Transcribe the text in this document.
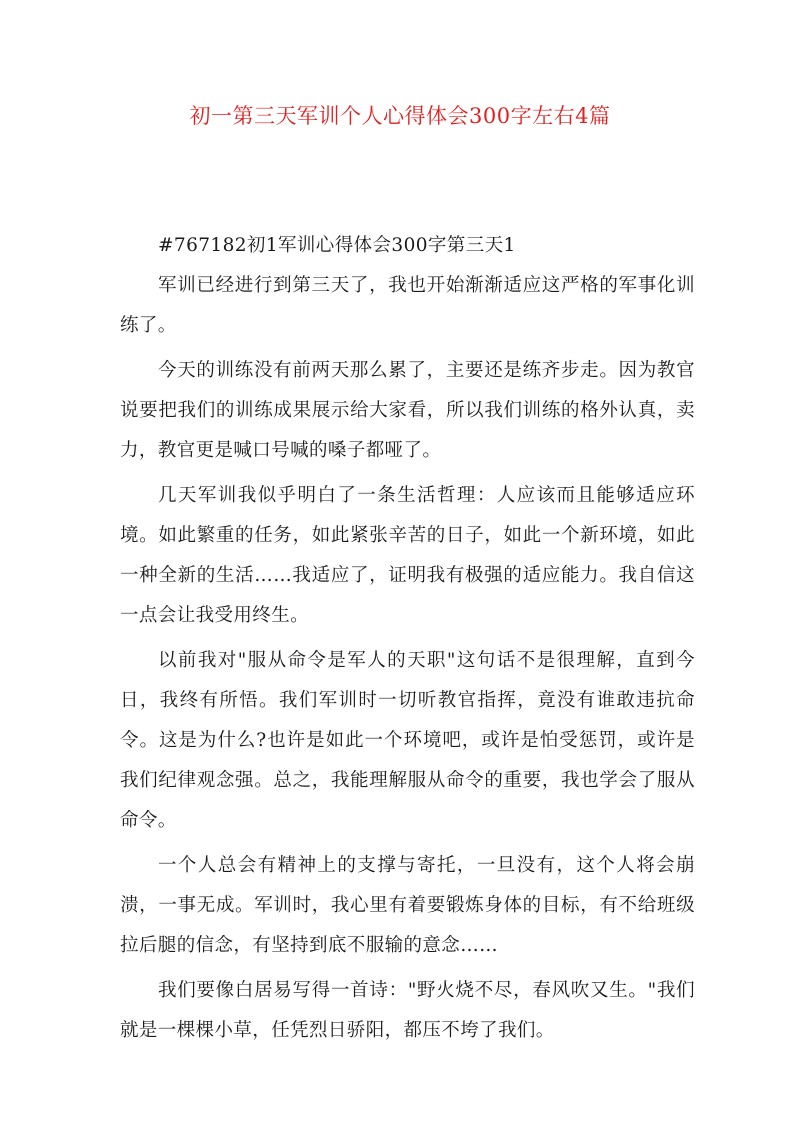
初一第三天军训个人心得体会300字左右4篇

#767182初1军训心得体会300字第三天1

军训已经进行到第三天了，我也开始渐渐适应这严格的军事化训练了。

今天的训练没有前两天那么累了，主要还是练齐步走。因为教官说要把我们的训练成果展示给大家看，所以我们训练的格外认真，卖力，教官更是喊口号喊的嗓子都哑了。

几天军训我似乎明白了一条生活哲理：人应该而且能够适应环境。如此繁重的任务，如此紧张辛苦的日子，如此一个新环境，如此一种全新的生活……我适应了，证明我有极强的适应能力。我自信这一点会让我受用终生。

以前我对"服从命令是军人的天职"这句话不是很理解，直到今日，我终有所悟。我们军训时一切听教官指挥，竟没有谁敢违抗命令。这是为什么?也许是如此一个环境吧，或许是怕受惩罚，或许是我们纪律观念强。总之，我能理解服从命令的重要，我也学会了服从命令。

一个人总会有精神上的支撑与寄托，一旦没有，这个人将会崩溃，一事无成。军训时，我心里有着要锻炼身体的目标，有不给班级拉后腿的信念，有坚持到底不服输的意念……

我们要像白居易写得一首诗："野火烧不尽，春风吹又生。"我们就是一棵棵小草，任凭烈日骄阳，都压不垮了我们。
